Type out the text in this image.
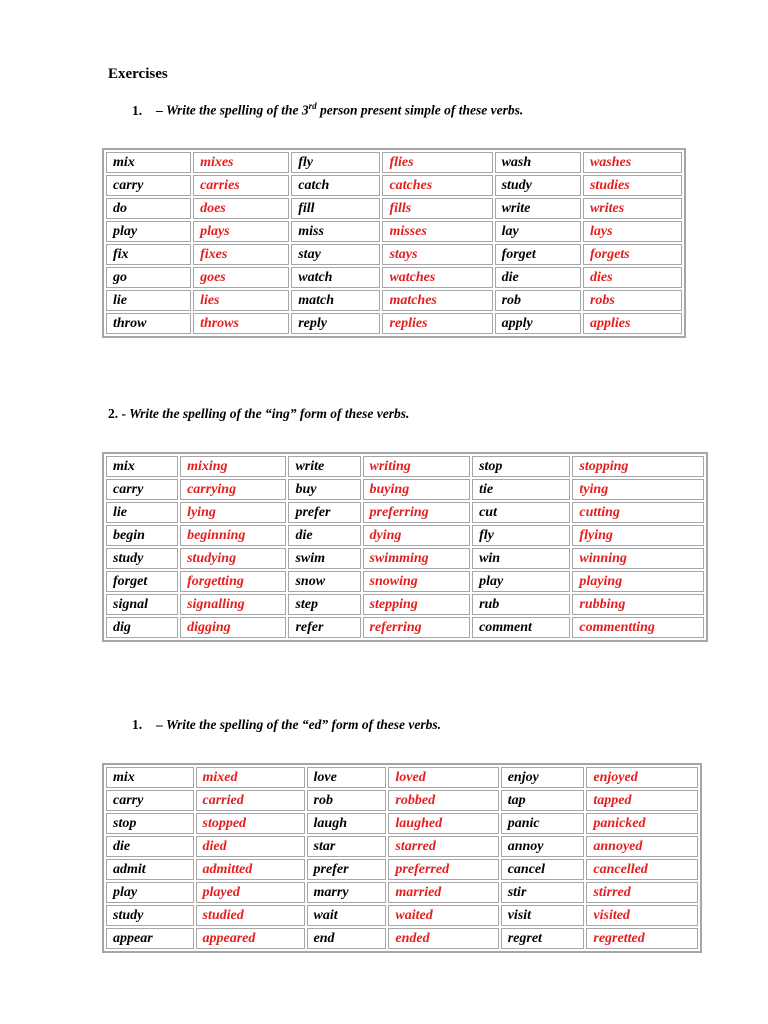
Exercises
1. – Write the spelling of the 3rd person present simple of these verbs.
mix	mixes	fly	flies	wash	washes
carry	carries	catch	catches	study	studies
do	does	fill	fills	write	writes
play	plays	miss	misses	lay	lays
fix	fixes	stay	stays	forget	forgets
go	goes	watch	watches	die	dies
lie	lies	match	matches	rob	robs
throw	throws	reply	replies	apply	applies
2. - Write the spelling of the “ing” form of these verbs.
mix	mixing	write	writing	stop	stopping
carry	carrying	buy	buying	tie	tying
lie	lying	prefer	preferring	cut	cutting
begin	beginning	die	dying	fly	flying
study	studying	swim	swimming	win	winning
forget	forgetting	snow	snowing	play	playing
signal	signalling	step	stepping	rub	rubbing
dig	digging	refer	referring	comment	commentting
1. – Write the spelling of the “ed” form of these verbs.
mix	mixed	love	loved	enjoy	enjoyed
carry	carried	rob	robbed	tap	tapped
stop	stopped	laugh	laughed	panic	panicked
die	died	star	starred	annoy	annoyed
admit	admitted	prefer	preferred	cancel	cancelled
play	played	marry	married	stir	stirred
study	studied	wait	waited	visit	visited
appear	appeared	end	ended	regret	regretted
